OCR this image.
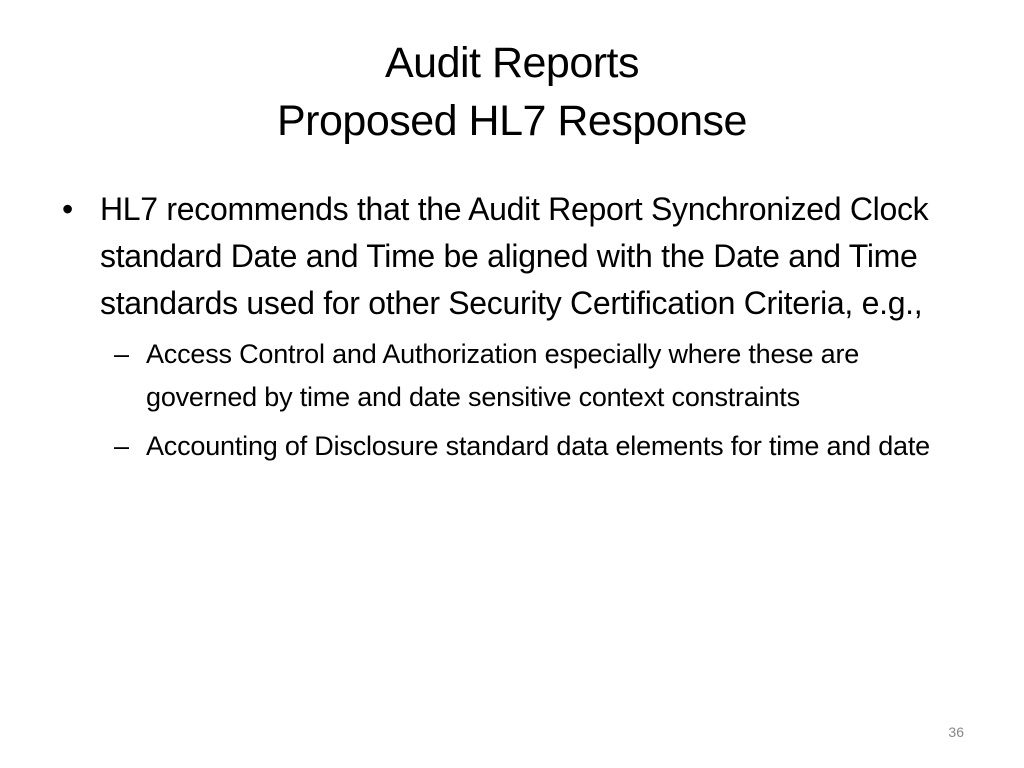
Audit Reports
Proposed HL7 Response
• HL7 recommends that the Audit Report Synchronized Clock standard Date and Time be aligned with the Date and Time standards used for other Security Certification Criteria, e.g.,
– Access Control and Authorization especially where these are governed by time and date sensitive context constraints
– Accounting of Disclosure standard data elements for time and date
36
